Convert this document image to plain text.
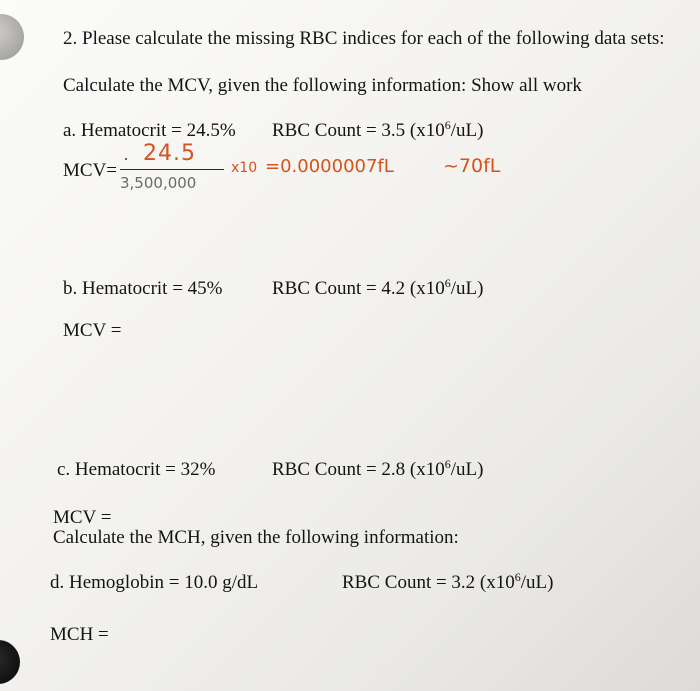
2. Please calculate the missing RBC indices for each of the following data sets:

Calculate the MCV, given the following information: Show all work

a. Hematocrit = 24.5% RBC Count = 3.5 $(x10^6/uL)$

MCV=

24.5
3,500,000
x10 =0.0000007fL	~70fL

b. Hematocrit = 45%	RBC Count = 4.2 $(x10^6/uL)$

MCV =

c. Hematocrit = 32%	RBC Count = 2.8 $(x10^6/uL)$

MCV =

Calculate the MCH, given the following information:

d. Hemoglobin = 10.0 g/dL	RBC Count = 3.2 $(x10^6/uL)$

MCH =
